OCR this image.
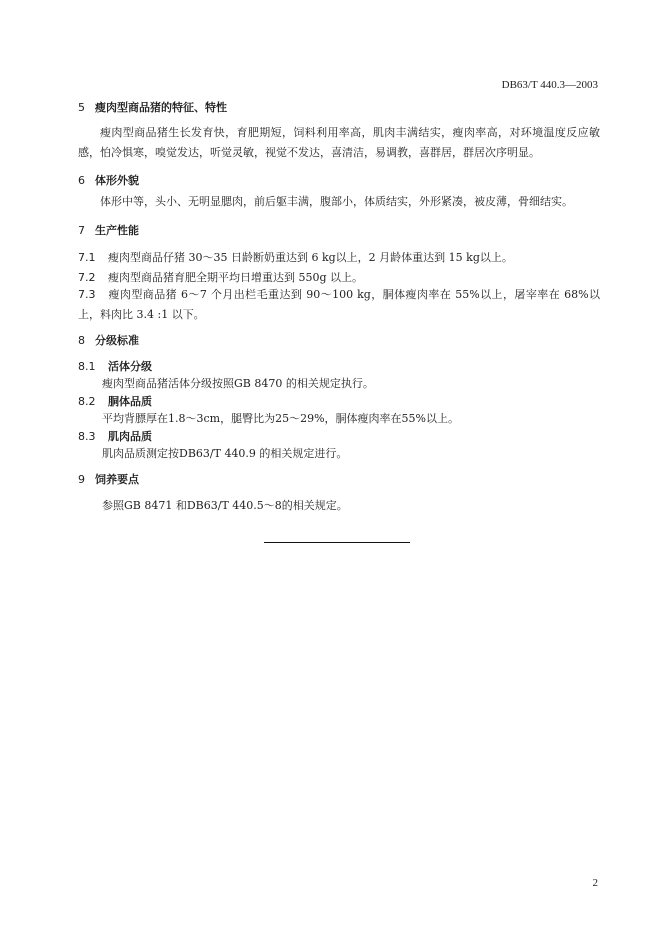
DB63/T 440.3—2003
5 瘦肉型商品猪的特征、特性
瘦肉型商品猪生长发育快，育肥期短，饲料利用率高，肌肉丰满结实，瘦肉率高，对环境温度反应敏感，怕冷惧寒，嗅觉发达，听觉灵敏，视觉不发达，喜清洁，易调教，喜群居，群居次序明显。
6 体形外貌
体形中等，头小、无明显腮肉，前后躯丰满，腹部小，体质结实，外形紧凑，被皮薄，骨细结实。
7 生产性能
7.1 瘦肉型商品仔猪 30～35 日龄断奶重达到 6 kg以上，2 月龄体重达到 15 kg以上。
7.2 瘦肉型商品猪育肥全期平均日增重达到 550g 以上。
7.3 瘦肉型商品猪 6～7 个月出栏毛重达到 90～100 kg，胴体瘦肉率在 55%以上，屠宰率在 68%以上，料肉比 3.4 :1 以下。
8 分级标准
8.1 活体分级
瘦肉型商品猪活体分级按照GB 8470 的相关规定执行。
8.2 胴体品质
平均背膘厚在1.8～3cm，腿臀比为25～29%，胴体瘦肉率在55%以上。
8.3 肌肉品质
肌肉品质测定按DB63/T 440.9 的相关规定进行。
9 饲养要点
参照GB 8471 和DB63/T 440.5～8的相关规定。
2
